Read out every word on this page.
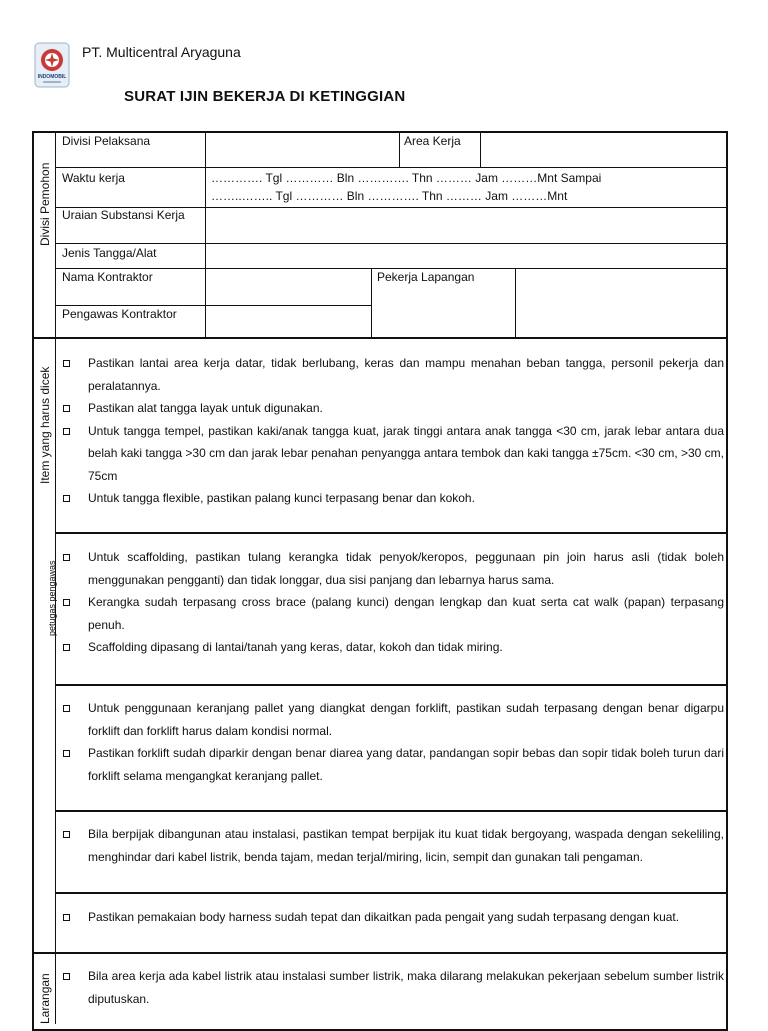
INDOMOBIL
PT. Multicentral Aryaguna
SURAT IJIN BEKERJA DI KETINGGIAN
Divisi Pelaksana	Area Kerja
Waktu kerja	…………. Tgl ………… Bln …………. Thn ……… Jam ………Mnt Sampai
……..…….. Tgl ………… Bln …………. Thn ……… Jam ………Mnt
Uraian Substansi Kerja
Jenis Tangga/Alat
Nama Kontraktor	Pekerja Lapangan
Pengawas Kontraktor
Divisi Pemohon
Item yang harus dicek
petugas pengawas
Larangan
Pastikan lantai area kerja datar, tidak berlubang, keras dan mampu menahan beban tangga, personil pekerja dan peralatannya.
Pastikan alat tangga layak untuk digunakan.
Untuk tangga tempel, pastikan kaki/anak tangga kuat, jarak tinggi antara anak tangga <30 cm, jarak lebar antara dua belah kaki tangga >30 cm dan jarak lebar penahan penyangga antara tembok dan kaki tangga ±75cm. <30 cm, >30 cm, 75cm
Untuk tangga flexible, pastikan palang kunci terpasang benar dan kokoh.
Untuk scaffolding, pastikan tulang kerangka tidak penyok/keropos, peggunaan pin join harus asli (tidak boleh menggunakan pengganti) dan tidak longgar, dua sisi panjang dan lebarnya harus sama.
Kerangka sudah terpasang cross brace (palang kunci) dengan lengkap dan kuat serta cat walk (papan) terpasang penuh.
Scaffolding dipasang di lantai/tanah yang keras, datar, kokoh dan tidak miring.
Untuk penggunaan keranjang pallet yang diangkat dengan forklift, pastikan sudah terpasang dengan benar digarpu forklift dan forklift harus dalam kondisi normal.
Pastikan forklift sudah diparkir dengan benar diarea yang datar, pandangan sopir bebas dan sopir tidak boleh turun dari forklift selama mengangkat keranjang pallet.
Bila berpijak dibangunan atau instalasi, pastikan tempat berpijak itu kuat tidak bergoyang, waspada dengan sekeliling, menghindar dari kabel listrik, benda tajam, medan terjal/miring, licin, sempit dan gunakan tali pengaman.
Pastikan pemakaian body harness sudah tepat dan dikaitkan pada pengait yang sudah terpasang dengan kuat.
Bila area kerja ada kabel listrik atau instalasi sumber listrik, maka dilarang melakukan pekerjaan sebelum sumber listrik diputuskan.
